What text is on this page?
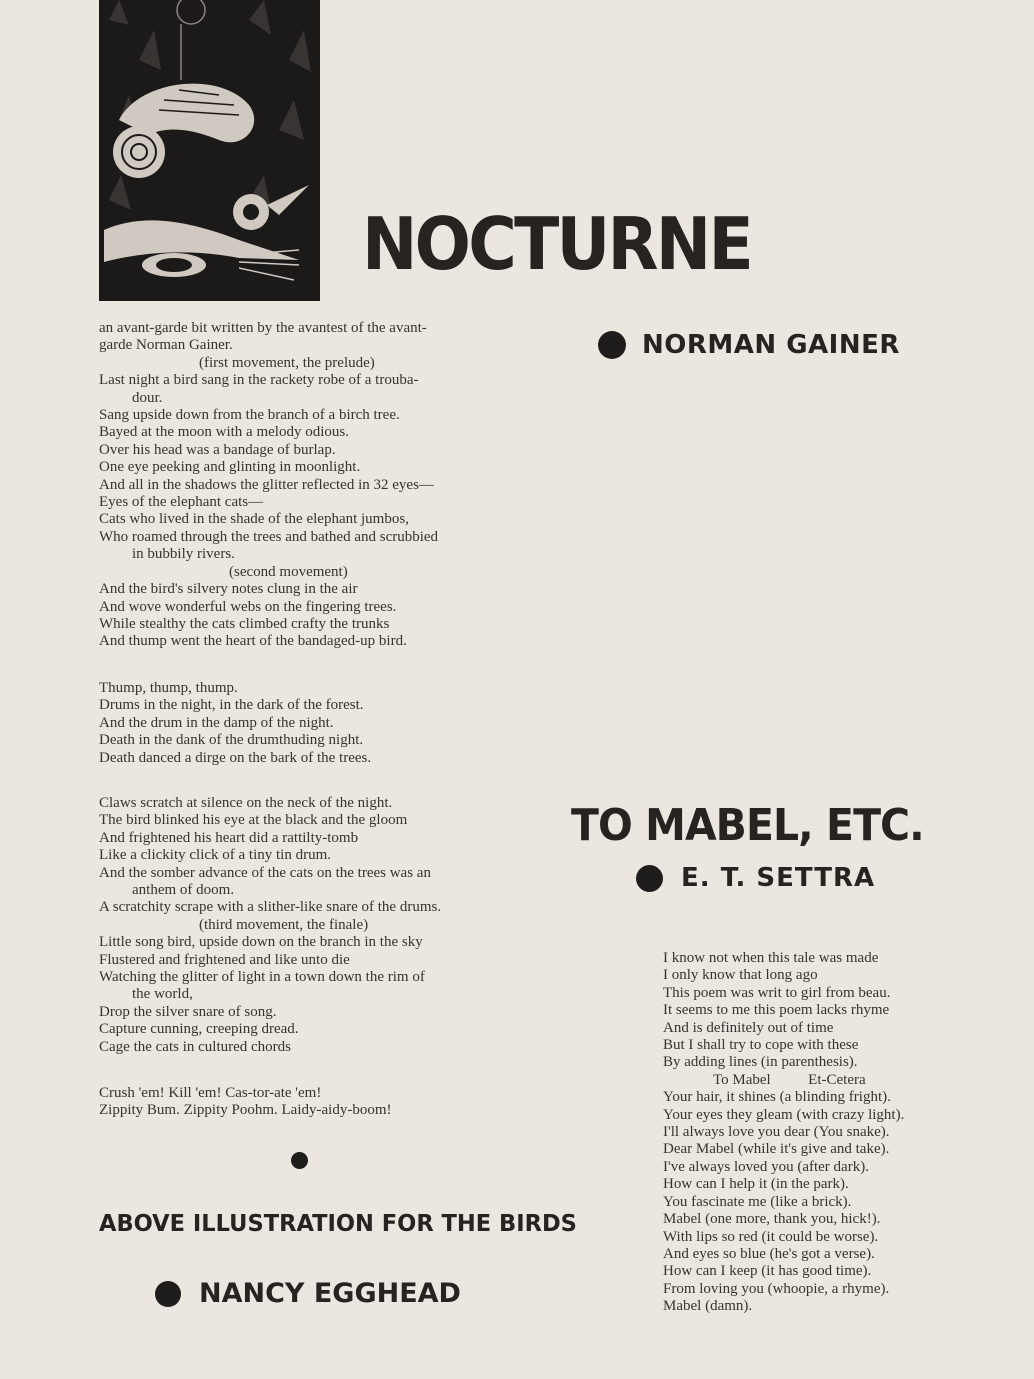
NOCTURNE
NORMAN GAINER
an avant-garde bit written by the avantest of the avant-
garde Norman Gainer.
(first movement, the prelude)
Last night a bird sang in the rackety robe of a trouba-
dour.
Sang upside down from the branch of a birch tree.
Bayed at the moon with a melody odious.
Over his head was a bandage of burlap.
One eye peeking and glinting in moonlight.
And all in the shadows the glitter reflected in 32 eyes—
Eyes of the elephant cats—
Cats who lived in the shade of the elephant jumbos,
Who roamed through the trees and bathed and scrubbied
in bubbily rivers.
(second movement)
And the bird's silvery notes clung in the air
And wove wonderful webs on the fingering trees.
While stealthy the cats climbed crafty the trunks
And thump went the heart of the bandaged-up bird.
Thump, thump, thump.
Drums in the night, in the dark of the forest.
And the drum in the damp of the night.
Death in the dank of the drumthuding night.
Death danced a dirge on the bark of the trees.
Claws scratch at silence on the neck of the night.
The bird blinked his eye at the black and the gloom
And frightened his heart did a rattilty-tomb
Like a clickity click of a tiny tin drum.
And the somber advance of the cats on the trees was an
anthem of doom.
A scratchity scrape with a slither-like snare of the drums.
(third movement, the finale)
Little song bird, upside down on the branch in the sky
Flustered and frightened and like unto die
Watching the glitter of light in a town down the rim of
the world,
Drop the silver snare of song.
Capture cunning, creeping dread.
Cage the cats in cultured chords
Crush 'em! Kill 'em! Cas-tor-ate 'em!
Zippity Bum. Zippity Poohm. Laidy-aidy-boom!
ABOVE ILLUSTRATION FOR THE BIRDS
NANCY EGGHEAD
TO MABEL, ETC.
E. T. SETTRA
I know not when this tale was made
I only know that long ago
This poem was writ to girl from beau.
It seems to me this poem lacks rhyme
And is definitely out of time
But I shall try to cope with these
By adding lines (in parenthesis).
To Mabel          Et-Cetera
Your hair, it shines (a blinding fright).
Your eyes they gleam (with crazy light).
I'll always love you dear (You snake).
Dear Mabel (while it's give and take).
I've always loved you (after dark).
How can I help it (in the park).
You fascinate me (like a brick).
Mabel (one more, thank you, hick!).
With lips so red (it could be worse).
And eyes so blue (he's got a verse).
How can I keep (it has good time).
From loving you (whoopie, a rhyme).
Mabel (damn).
